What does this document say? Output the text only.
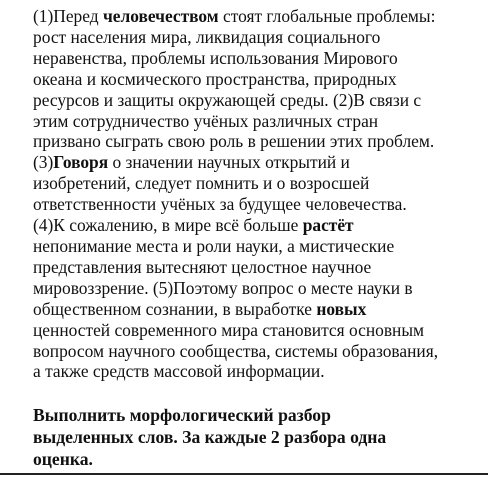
(1)Перед человечеством стоят глобальные проблемы:
рост населения мира, ликвидация социального
неравенства, проблемы использования Мирового
океана и космического пространства, природных
ресурсов и защиты окружающей среды. (2)В связи с
этим сотрудничество учёных различных стран
призвано сыграть свою роль в решении этих проблем.
(3)Говоря о значении научных открытий и
изобретений, следует помнить и о возросшей
ответственности учёных за будущее человечества.
(4)К сожалению, в мире всё больше растёт
непонимание места и роли науки, а мистические
представления вытесняют целостное научное
мировоззрение. (5)Поэтому вопрос о месте науки в
общественном сознании, в выработке новых
ценностей современного мира становится основным
вопросом научного сообщества, системы образования,
а также средств массовой информации.
Выполнить морфологический разбор
выделенных слов. За каждые 2 разбора одна
оценка.
